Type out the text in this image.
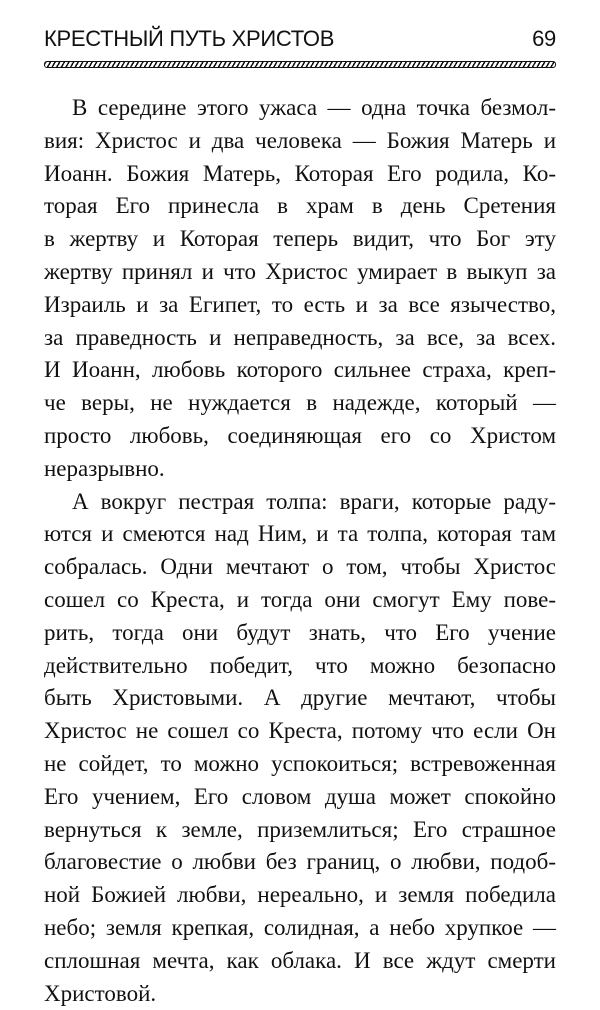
КРЕСТНЫЙ ПУТЬ ХРИСТОВ	69
В середине этого ужаса — одна точка безмол-
вия: Христос и два человека — Божия Матерь и
Иоанн. Божия Матерь, Которая Его родила, Ко-
торая Его принесла в храм в день Сретения
в жертву и Которая теперь видит, что Бог эту
жертву принял и что Христос умирает в выкуп за
Израиль и за Египет, то есть и за все язычество,
за праведность и неправедность, за все, за всех.
И Иоанн, любовь которого сильнее страха, креп-
че веры, не нуждается в надежде, который —
просто любовь, соединяющая его со Христом
неразрывно.
А вокруг пестрая толпа: враги, которые раду-
ются и смеются над Ним, и та толпа, которая там
собралась. Одни мечтают о том, чтобы Христос
сошел со Креста, и тогда они смогут Ему пове-
рить, тогда они будут знать, что Его учение
действительно победит, что можно безопасно
быть Христовыми. А другие мечтают, чтобы
Христос не сошел со Креста, потому что если Он
не сойдет, то можно успокоиться; встревоженная
Его учением, Его словом душа может спокойно
вернуться к земле, приземлиться; Его страшное
благовестие о любви без границ, о любви, подоб-
ной Божией любви, нереально, и земля победила
небо; земля крепкая, солидная, а небо хрупкое —
сплошная мечта, как облака. И все ждут смерти
Христовой.
